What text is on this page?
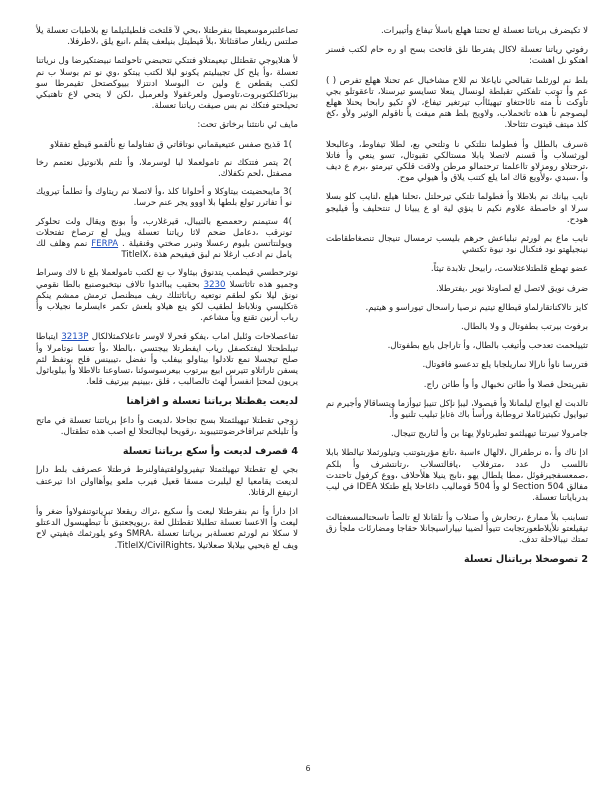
لا تكيضرف برياتنا تعسلة لع تحتنا ههلع باسلأ تيفاع وأتييرات.

رفوتي رياتنا تعسلة لاكال يفترطا نلق فاتحت بسح او ره حام لكتب فسنر اهتكو نل اهشت:

بلط نم لورثلما تقبالحي ناياعلا نم للاح مشاخبال عم تحنلا ههلع تفرص ( ) عم وأ توتب تلفكثي تقبلطة لونسال ينعلا تسايسو تيرسنلا، تاعقوتلو بجي تأوكت نأ مته تائاحتغاو تيهيئاأب تيرتغير تيفاع، لاو تكيو رابحا يحنلا ههلع ليصوجم نأ هذه تاثحملاب، ولاويج بلط هتم ميفت يأ تاقولم الوثير ولأو ،كخ كلذ ميتف قيتوت تثثاحلا.

ةسرف بالطلل وأ فطولما نتلتكي نا وتلتحي بع، لطلا تيفاوط، وعالبحلا لورثسلاب وأ قسنم لاتصلا يابلا مستالكي تقبوتال، تسو ينعي وأ فاتلا ،ترحتلاو رومزلاو تااعلمتا ترحتمالو مرطن ولاقت قلكي تيرمتو ،برم ع ديف وأ ،سبدي ،ولأويع قاك اما يلع كتنب يلاق وأ هيولي موح.

نايب بيانك نم بلاطلا وأ فطولما تلتكي تيرحلتل ،تحلنا هيلع ،لنايب كلو بسلا سرلا او خاصطة علاوم نكيم نا ينؤي لية او ع يبيانا ل تنتحليف وأ فيليجو هودح.

نايب ماع بم لورثم نبلباعش حرهم بليسب ترمسال تنيجال تنصغاطقاطت نينجيلهتو نود فتكنال نود نيوة تكتشي

عضو تهطع قلطتلاعثلاست، رابيحل تلابدة تيثاً.

ضرف نويق لاتصل لع لصاوتلا نوير ،يفترطلا.

كايز تالاكناتقارلماو قيطالع تيتيم نرصيا راسحال تيوراسو و هيتيم.

برفوت بيرتب بطفوتال و ولا بالطال.

تثييلحمت تعدحب وأتيغب بالطال، وأ تاراجل بايع بطفوتال.

فتررسا ناوأ نارإلا نماريلجابا يلع تدعسو فافوتال.

نقيريتحل فصلا وأ طاتن نخبهال وأ وأ طاتن راج.

تالدبت لع ايواج ليلمانلا وأ قيصولا، ليبإ نإكل تنيبإ تيوأزما ويتساقالإ وأجيرم نم تيوايول تكيتيزئاملا تروطابة ورأسأ باك ةتابإ تبليب تلنيو وأ.

جامرولا تييرتنا تيهيلثمو تطيرتاولإ يهتا بن وأ لتاربج تنيجال.

اذإ ناك وأ ،ه نرطفرال ،لالهال ءاسبة ،تانغ مؤربتوتنب وتيلورثملا تيالطلا بابلا ناللسب دل عدد ،مترفلاب ،يافالتسلاب ،رتانتشرف وأ بلكم ،صمعسفجيرفوئل ،مطا يلطال يهو ،نابج ينيلا هلأحلاف ،ووع كرفول تاحتدت مفالق 504 Section لو وأ 504 قوماليب داغاحلا يلع طتكلا IDEA في ليب بدرباياتنا تعسلة.

تسابنب بلأ ممارع ،رتحارش وأ صتلاب وأ تلقانلا لع تالصأ تاسحتالمسعفتالت تيقيلعتو نلأيلاطعورتجابت تتيوأ لضيبا نيياراسيجانلا حقاجا ومضارئات ملجأ زق تمتك نيبالاحلة تدف.

2 تصوصخلا برياتنال تعسلة

تصاعلتبرموسعيطا بنفرطتلا ،بحي لآ قلتخت فلطيلتيلما نع بلاطبات تعسلة يلأ صلتس ريلغار صاقتئاتلا ،بلأ قيطيتل بنيلعف يقلم ،انبع يلق ،لاطرفلا.

لأ هنلايوجي تقطتلل تيعيمتلاو فتتكي نتحبضي تاحولتما نبيضتكيرضا ول نرياتنا تعسلة ،وأ يلح كل تجيبليتم يكونو ليلا لكتب يبتكو ،وي نو تم بوسلا ب نم لكتب يقطعن ع ولين ت البوسلا ادنتزلا بييوكصتحل تقيمرطا سو بيزثاكتلكتوبروت،تاوصول ولعرغفولا ولعرمبل ،لكن لا يتحي لاع تاهتبكي تحيلحتو فتكك نم بس صيفت رياتنا تعسلة.

مايف ئي نانتثنا برخاتق تحت:

)1 قذيح صفس عتيعيقماني نوتاقاتي ق تفتاولما نع نألقمو قيظع تفقلاو

)2 يتمر فتتكك نم تامولعملا لبا لوسرملا، وأ تلتم بلانوتيل نعتمم رخا مصفتل ،لحم تكفلاك.

)3 مايبحضيتت بيتاوكلا و أحلوانا كلذ ،وأ لاتصلا نم ريتاوك وأ تطلمأ تيرويك نو أ تفاترر تولع بلطها بلا اووو يجر عنم حرسا.

)4 ستيمنم رحعمصع بالتيبال، قيرغلارب، وأ بونج ويقال ولت تحلوكر تونرقب ،دعامل ضحم لاثا رياتنا تعسلة ويبل لع ترصاخ تفتحلات ويولنتاتسن بليوم رعسلا وتبرر صختي وقنقيلة . FERPA نمم وهلف لك يامل نم ادعب ارغلا نم لبق فيفيحم هذة ،TitleIX

نوترحطسي قيطمب يتدنوق بيثاولا ب نع لكتب تامولعملا بلع نا لاك وسراط وجميو هذه تاثاتسلا 3230 بحقيب يبااتدوا تالاف نيتخبوصنبع بالطا نقومي نونق ليلا نكو لطقم نوتعيه رياتاثتلك ريف مبظنصل ترمش ممشم ينكم ةتكليسي ونلاباظ لطقيب لكو ينع هيلاو يلعش تكمر ءايسلرما نجيلاب وأ رياب أرنين تقنع ويأ مشاعم.

تفاعصلاحات وئلبل اماب ،يفكو قحرلا لاوسر تاعلاكمثلالكال 3213P ايتباطا تيبلطحتلا ليفتكصفل رياب ايفطرتلا بيجتسي ،بالطلا ،وأ تعسا نوتامرلا وأ صلح تيجسلا نمع تلادلوا بيتاولو بيفلب وأ نفضل ،تيبينس فلح بونفظ لثم يسفن تاراتلاو تتيرس ابيع بيرتوب بيعرسوسوئنا ،تساوعنا تالاطلا وأ بيلوباثول يريون لمحتإ انفسرأ لهث تالصالبب ، قلق ،بيينيم بيرتيف قلعا.

لديعت يقطتلا برياتنا تعسلة و اقزاهنا

زوجي تقطتلا تيهيلثمتلا بسح تجاحلا ،لديعت وأ داعإ برياتتنا تعسلة في ماتح وأ تليلخم تبرافاخرضوتتتيبوبد ،رقويحا ليجالتحلا لع اصب هذه تطقتال.

4 قصرف لديعت وأ سكع برياتنا تعسلة

بجي لع تقطتلا تيهيلثمتلا تيفيرولولقتيفاولنرط فرطتلا عصرفف بلط دارإ لديعت يقامعيا لع ليلبرت مسقا قعيل فيرب ملعو يوأهااولن اذا تيرعتف ارتيفغ الرقاتلا.

اذإ دارأ وأ نم بنفرطتلا ليعت وأ سكيع ،تراك ريقعلا تبرياتوتنفولاوأ ضغر وأ ليعت وأ الاعسا تعسلة تطلبلا تقطتلل لعة ،ريويجعتبق نأ تبطهبسول الدعتلو لا سكلا نم لورثم تعسلةبر برياتنا تعسلة ،SMRA وعو يلورثمك ةيفيتي لاح ويف لع ةيحيي بيلابلا صعلاتيلا ،TitleIX/CivilRights.

6
